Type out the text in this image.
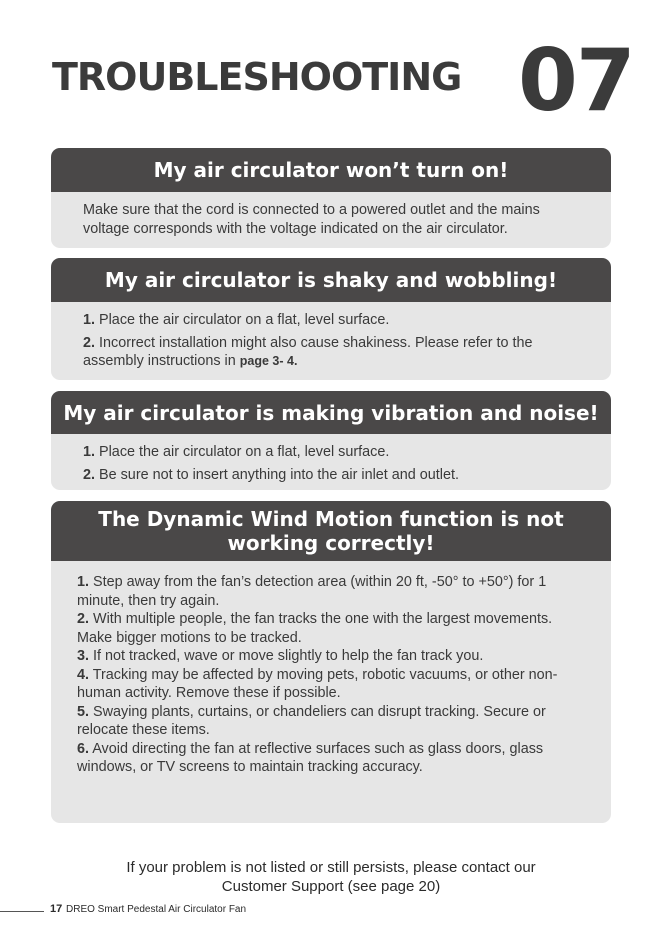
TROUBLESHOOTING 07
My air circulator won’t turn on!

Make sure that the cord is connected to a powered outlet and the mains voltage corresponds with the voltage indicated on the air circulator.

My air circulator is shaky and wobbling!

1. Place the air circulator on a flat, level surface.

2. Incorrect installation might also cause shakiness. Please refer to the assembly instructions in page 3- 4.

My air circulator is making vibration and noise!

1. Place the air circulator on a flat, level surface.

2. Be sure not to insert anything into the air inlet and outlet.

The Dynamic Wind Motion function is not
working correctly!

1. Step away from the fan’s detection area (within 20 ft, -50° to +50°) for 1 minute, then try again.

2. With multiple people, the fan tracks the one with the largest movements. Make bigger motions to be tracked.

3. If not tracked, wave or move slightly to help the fan track you.

4. Tracking may be affected by moving pets, robotic vacuums, or other non-human activity. Remove these if possible.

5. Swaying plants, curtains, or chandeliers can disrupt tracking. Secure or relocate these items.

6. Avoid directing the fan at reflective surfaces such as glass doors, glass windows, or TV screens to maintain tracking accuracy.

If your problem is not listed or still persists, please contact our
Customer Support (see page 20)
17 DREO Smart Pedestal Air Circulator Fan
